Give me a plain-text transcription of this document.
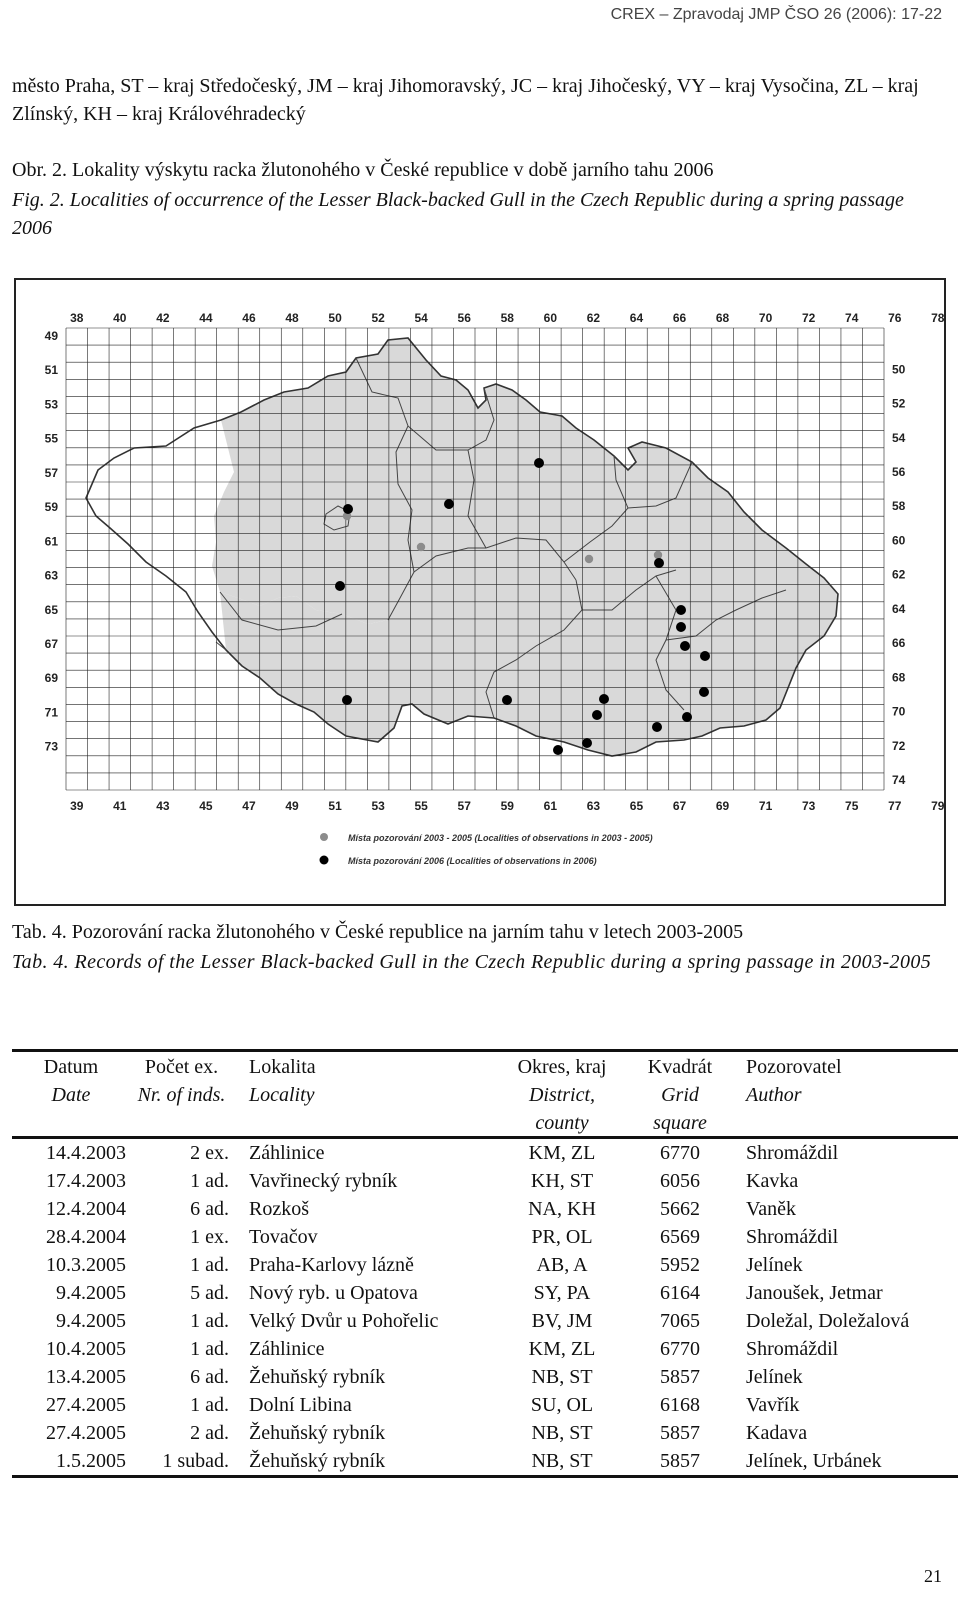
CREX – Zpravodaj JMP ČSO 26 (2006): 17-22
město Praha, ST – kraj Středočeský, JM – kraj Jihomoravský, JC – kraj Jihočeský, VY – kraj Vysočina, ZL – kraj Zlínský, KH – kraj Královéhradecký
Obr. 2. Lokality výskytu racka žlutonohého v České republice v době jarního tahu 2006
Fig. 2. Localities of occurrence of the Lesser Black-backed Gull in the Czech Republic during a spring passage 2006
38 40 42 44 46 48 50 52 54 56 58 60 62 64 66 68 70 72 74 76 78
39 41 43 45 47 49 51 53 55 57 59 61 63 65 67 69 71 73 75 77 79
49
51
53
55
57
59
61
63
65
67
69
71
73
50
52
54
56
58
60
62
64
66
68
70
72
74
Místa pozorování 2003 - 2005 (Localities of observations in 2003 - 2005)
Místa pozorování 2006 (Localities of observations in 2006)
Tab. 4. Pozorování racka žlutonohého v České republice na jarním tahu v letech 2003-2005
Tab. 4. Records of the Lesser Black-backed Gull in the Czech Republic during a spring passage in 2003-2005
Datum	Počet ex.	Lokalita	Okres, kraj	Kvadrát	Pozorovatel
Date	Nr. of inds.	Locality	District,	Grid	Author
			county	square	
14.4.2003	2 ex.	Záhlinice	KM, ZL	6770	Shromáždil
17.4.2003	1 ad.	Vavřinecký rybník	KH, ST	6056	Kavka
12.4.2004	6 ad.	Rozkoš	NA, KH	5662	Vaněk
28.4.2004	1 ex.	Tovačov	PR, OL	6569	Shromáždil
10.3.2005	1 ad.	Praha-Karlovy lázně	AB, A	5952	Jelínek
9.4.2005	5 ad.	Nový ryb. u Opatova	SY, PA	6164	Janoušek, Jetmar
9.4.2005	1 ad.	Velký Dvůr u Pohořelic	BV, JM	7065	Doležal, Doležalová
10.4.2005	1 ad.	Záhlinice	KM, ZL	6770	Shromáždil
13.4.2005	6 ad.	Žehuňský rybník	NB, ST	5857	Jelínek
27.4.2005	1 ad.	Dolní Libina	SU, OL	6168	Vavřík
27.4.2005	2 ad.	Žehuňský rybník	NB, ST	5857	Kadava
1.5.2005	1 subad.	Žehuňský rybník	NB, ST	5857	Jelínek, Urbánek
21
